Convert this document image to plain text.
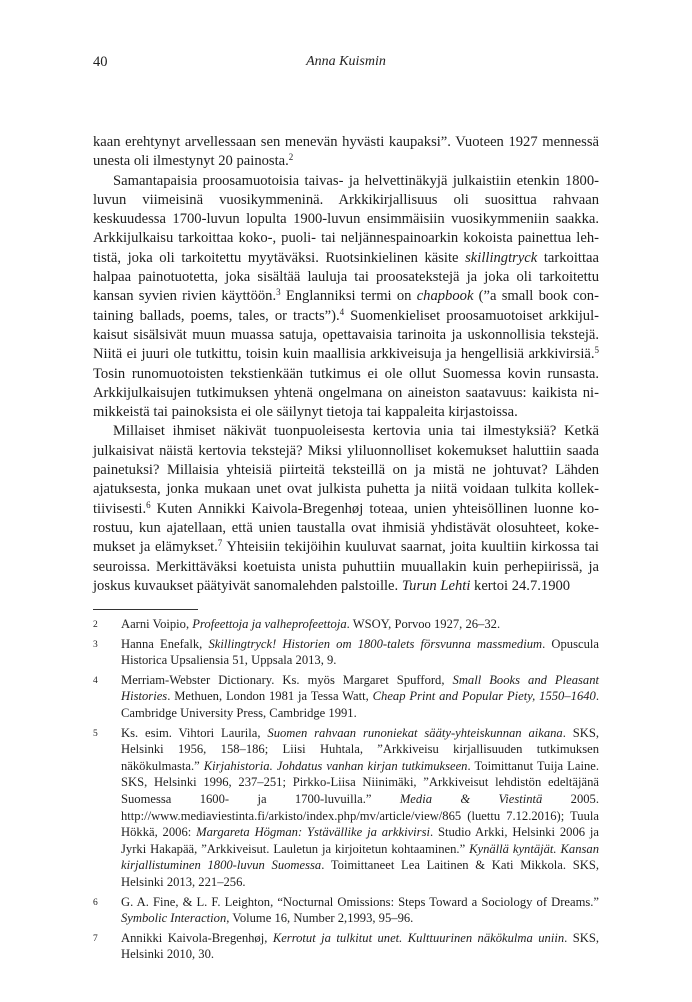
40	Anna Kuismin

kaan erehtynyt arvellessaan sen menevän hyvästi kaupaksi”. Vuoteen 1927 mennessä unesta oli ilmestynyt 20 painosta.$^2$

Samantapaisia proosamuotoisia taivas- ja helvettinäkyjä julkaistiin etenkin 1800-luvun viimeisinä vuosikymmeninä. Arkkikirjallisuus oli suosittua rahvaan keskuudessa 1700-luvun lopulta 1900-luvun ensimmäisiin vuosikymmeniin saakka. Arkkijulkaisu tarkoittaa koko-, puoli- tai neljännespainoarkin kokoista painettua lehtistä, joka oli tarkoitettu myytäväksi. Ruotsinkielinen käsite skillingtryck tarkoittaa halpaa painotuotetta, joka sisältää lauluja tai proosatekstejä ja joka oli tarkoitettu kansan syvien rivien käyttöön.$^3$ Englanniksi termi on chapbook (”a small book containing ballads, poems, tales, or tracts”).$^4$ Suomenkieliset proosamuotoiset arkkijulkaisut sisälsivät muun muassa satuja, opettavaisia tarinoita ja uskonnollisia tekstejä. Niitä ei juuri ole tutkittu, toisin kuin maallisia arkkiveisuja ja hengellisiä arkkivirsiä.$^5$ Tosin runomuotoisten tekstienkään tutkimus ei ole ollut Suomessa kovin runsasta. Arkkijulkaisujen tutkimuksen yhtenä ongelmana on aineiston saatavuus: kaikista nimikkeistä tai painoksista ei ole säilynyt tietoja tai kappaleita kirjastoissa.

Millaiset ihmiset näkivät tuonpuoleisesta kertovia unia tai ilmestyksiä? Ketkä julkaisivat näistä kertovia tekstejä? Miksi yliluonnolliset kokemukset haluttiin saada painetuksi? Millaisia yhteisiä piirteitä teksteillä on ja mistä ne johtuvat? Lähden ajatuksesta, jonka mukaan unet ovat julkista puhetta ja niitä voidaan tulkita kollektiivisesti.$^6$ Kuten Annikki Kaivola-Bregenhøj toteaa, unien yhteisöllinen luonne korostuu, kun ajatellaan, että unien taustalla ovat ihmisiä yhdistävät olosuhteet, kokemukset ja elämykset.$^7$ Yhteisiin tekijöihin kuuluvat saarnat, joita kuultiin kirkossa tai seuroissa. Merkittäväksi koetuista unista puhuttiin muuallakin kuin perhepiirissä, ja joskus kuvaukset päätyivät sanomalehden palstoille. Turun Lehti kertoi 24.7.1900

2 Aarni Voipio, Profeettoja ja valheprofeettoja. WSOY, Porvoo 1927, 26–32.
3 Hanna Enefalk, Skillingtryck! Historien om 1800-talets försvunna massmedium. Opuscula Historica Upsaliensia 51, Uppsala 2013, 9.
4 Merriam-Webster Dictionary. Ks. myös Margaret Spufford, Small Books and Pleasant Histories. Methuen, London 1981 ja Tessa Watt, Cheap Print and Popular Piety, 1550–1640. Cambridge University Press, Cambridge 1991.
5 Ks. esim. Vihtori Laurila, Suomen rahvaan runoniekat sääty-yhteiskunnan aikana. SKS, Helsinki 1956, 158–186; Liisi Huhtala, ”Arkkiveisu kirjallisuuden tutkimuksen näkökulmasta.” Kirjahistoria. Johdatus vanhan kirjan tutkimukseen. Toimittanut Tuija Laine. SKS, Helsinki 1996, 237–251; Pirkko-Liisa Niinimäki, ”Arkkiveisut lehdistön edeltäjänä Suomessa 1600- ja 1700-luvuilla.” Media & Viestintä 2005. http://www.mediaviestinta.fi/arkisto/index.php/mv/article/view/865 (luettu 7.12.2016); Tuula Hökkä, 2006: Margareta Högman: Ystävällike ja arkkivirsi. Studio Arkki, Helsinki 2006 ja Jyrki Hakapää, ”Arkkiveisut. Lauletun ja kirjoitetun kohtaaminen.” Kynällä kyntäjät. Kansan kirjallistuminen 1800-luvun Suomessa. Toimittaneet Lea Laitinen & Kati Mikkola. SKS, Helsinki 2013, 221–256.
6 G. A. Fine, & L. F. Leighton, “Nocturnal Omissions: Steps Toward a Sociology of Dreams.” Symbolic Interaction, Volume 16, Number 2,1993, 95–96.
7 Annikki Kaivola-Bregenhøj, Kerrotut ja tulkitut unet. Kulttuurinen näkökulma uniin. SKS, Helsinki 2010, 30.
